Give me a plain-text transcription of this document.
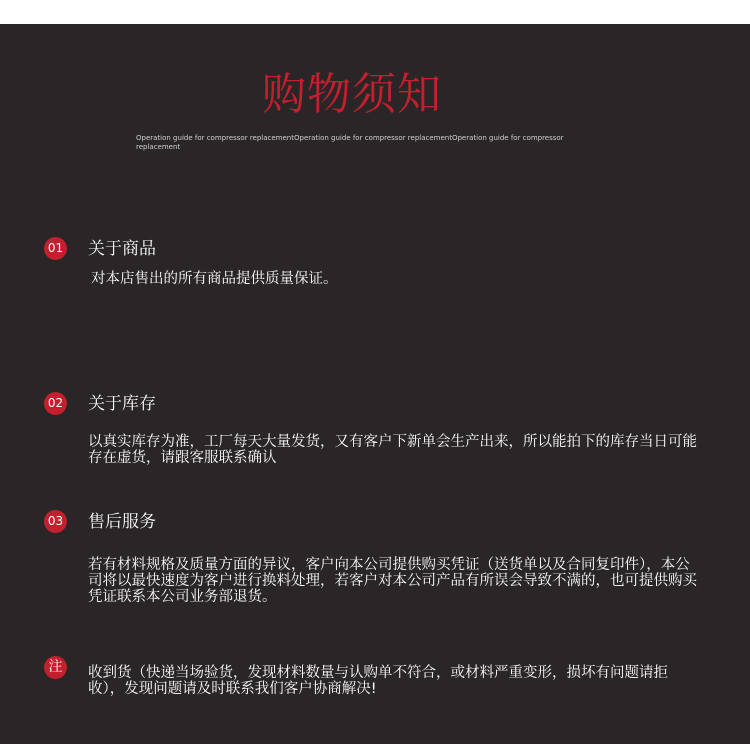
购物须知
Operation guide for compressor replacementOperation guide for compressor replacementOperation guide for compressor replacement
01 关于商品
对本店售出的所有商品提供质量保证。
02 关于库存
以真实库存为准，工厂每天大量发货，又有客户下新单会生产出来，所以能拍下的库存当日可能存在虚货，请跟客服联系确认
03 售后服务
若有材料规格及质量方面的异议，客户向本公司提供购买凭证（送货单以及合同复印件），本公司将以最快速度为客户进行换料处理，若客户对本公司产品有所误会导致不满的，也可提供购买凭证联系本公司业务部退货。
注	收到货（快递当场验货，发现材料数量与认购单不符合，或材料严重变形，损坏有问题请拒收），发现问题请及时联系我们客户协商解决!
